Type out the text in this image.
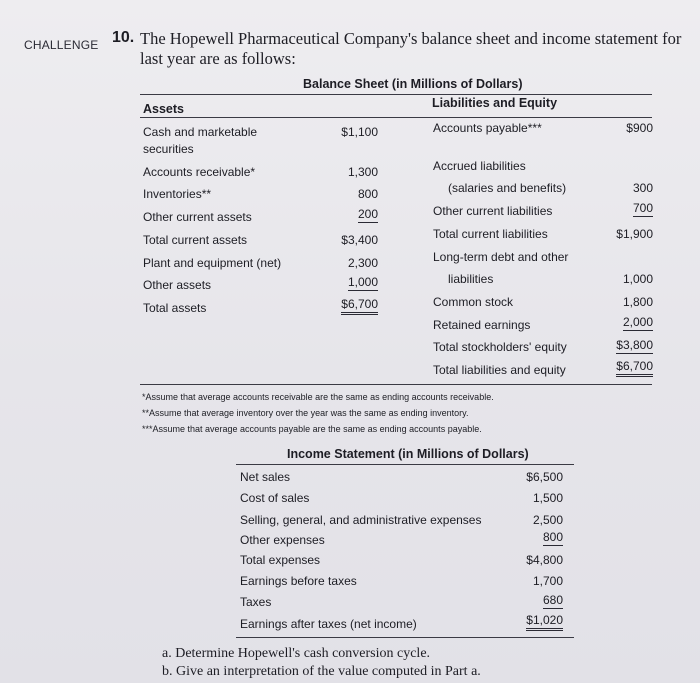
CHALLENGE 10. The Hopewell Pharmaceutical Company's balance sheet and income statement for
last year are as follows:
Balance Sheet (in Millions of Dollars)
Assets	Liabilities and Equity
Cash and marketable
securities
Accounts receivable*
Inventories**
Other current assets
Total current assets
Plant and equipment (net)
Other assets
Total assets
$1,100
1,300
800
200
$3,400
2,300
1,000
$6,700
Accounts payable***
Accrued liabilities
(salaries and benefits)
Other current liabilities
Total current liabilities
Long-term debt and other
liabilities
Common stock
Retained earnings
Total stockholders' equity
Total liabilities and equity
$900
300
700
$1,900
1,000
1,800
2,000
$3,800
$6,700
*Assume that average accounts receivable are the same as ending accounts receivable.
**Assume that average inventory over the year was the same as ending inventory.
***Assume that average accounts payable are the same as ending accounts payable.
Income Statement (in Millions of Dollars)
Net sales
Cost of sales
Selling, general, and administrative expenses
Other expenses
Total expenses
Earnings before taxes
Taxes
Earnings after taxes (net income)
$6,500
1,500
2,500
800
$4,800
1,700
680
$1,020
a. Determine Hopewell's cash conversion cycle.
b. Give an interpretation of the value computed in Part a.
